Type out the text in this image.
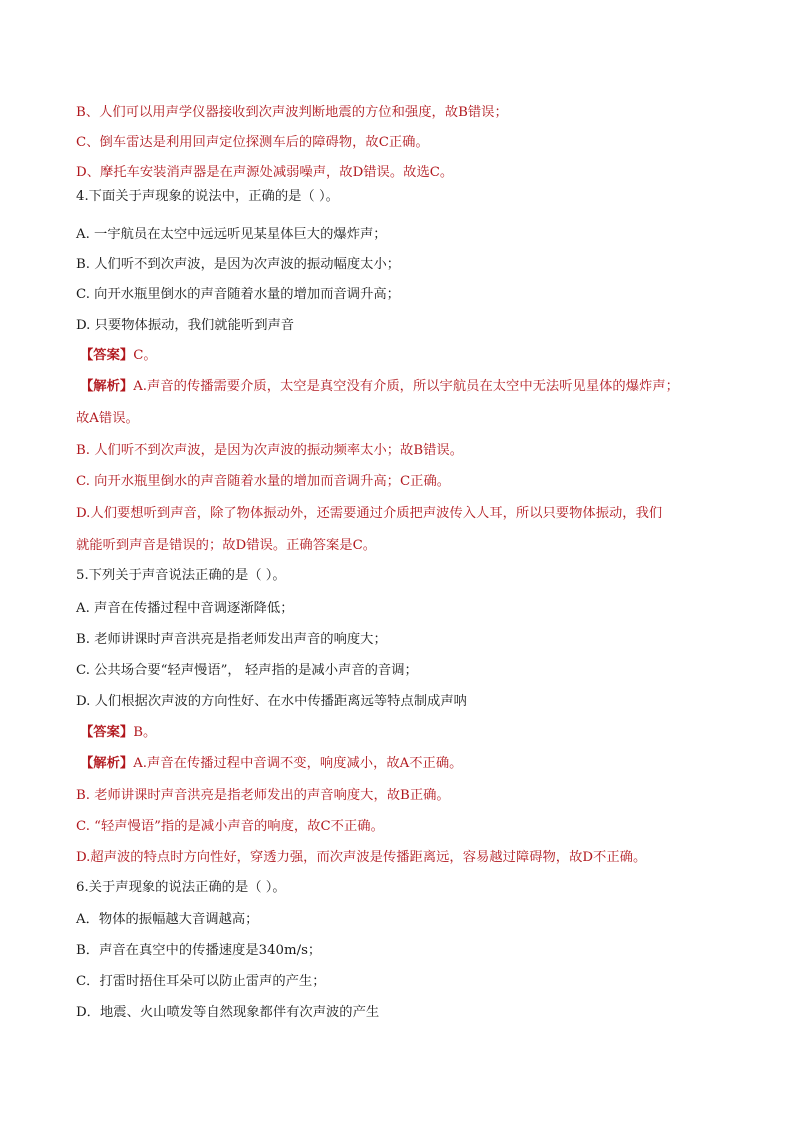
B、人们可以用声学仪器接收到次声波判断地震的方位和强度，故B错误；
C、倒车雷达是利用回声定位探测车后的障碍物，故C正确。
D、摩托车安装消声器是在声源处减弱噪声，故D错误。故选C。
4.下面关于声现象的说法中，正确的是（ ）。
A. 一宇航员在太空中远远听见某星体巨大的爆炸声；
B. 人们听不到次声波，是因为次声波的振动幅度太小；
C. 向开水瓶里倒水的声音随着水量的增加而音调升高；
D. 只要物体振动，我们就能听到声音
【答案】C。
【解析】A.声音的传播需要介质，太空是真空没有介质，所以宇航员在太空中无法听见星体的爆炸声；
故A错误。
B. 人们听不到次声波，是因为次声波的振动频率太小；故B错误。
C. 向开水瓶里倒水的声音随着水量的增加而音调升高；C正确。
D.人们要想听到声音，除了物体振动外，还需要通过介质把声波传入人耳，所以只要物体振动，我们
就能听到声音是错误的；故D错误。正确答案是C。
5.下列关于声音说法正确的是（ ）。
A. 声音在传播过程中音调逐渐降低；
B. 老师讲课时声音洪亮是指老师发出声音的响度大；
C. 公共场合要“轻声慢语”， 轻声指的是减小声音的音调；
D. 人们根据次声波的方向性好、在水中传播距离远等特点制成声呐
【答案】B。
【解析】A.声音在传播过程中音调不变，响度减小，故A不正确。
B. 老师讲课时声音洪亮是指老师发出的声音响度大，故B正确。
C. “轻声慢语”指的是减小声音的响度，故C不正确。
D.超声波的特点时方向性好，穿透力强，而次声波是传播距离远，容易越过障碍物，故D不正确。
6.关于声现象的说法正确的是（ ）。
A．物体的振幅越大音调越高；
B．声音在真空中的传播速度是340m/s；
C．打雷时捂住耳朵可以防止雷声的产生；
D．地震、火山喷发等自然现象都伴有次声波的产生
